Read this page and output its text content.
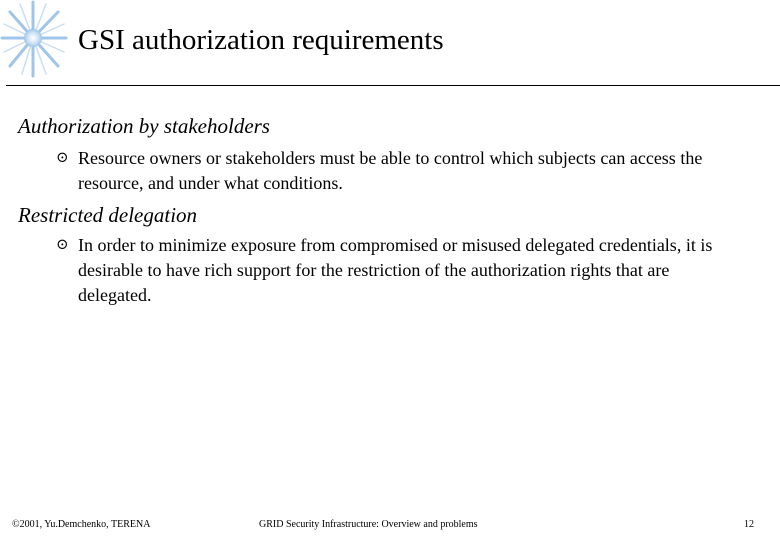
GSI authorization requirements
Authorization by stakeholders
⊙ Resource owners or stakeholders must be able to control which subjects can access the resource, and under what conditions.
Restricted delegation
⊙ In order to minimize exposure from compromised or misused delegated credentials, it is desirable to have rich support for the restriction of the authorization rights that are delegated.
©2001, Yu.Demchenko, TERENA	GRID Security Infrastructure: Overview and problems	12
